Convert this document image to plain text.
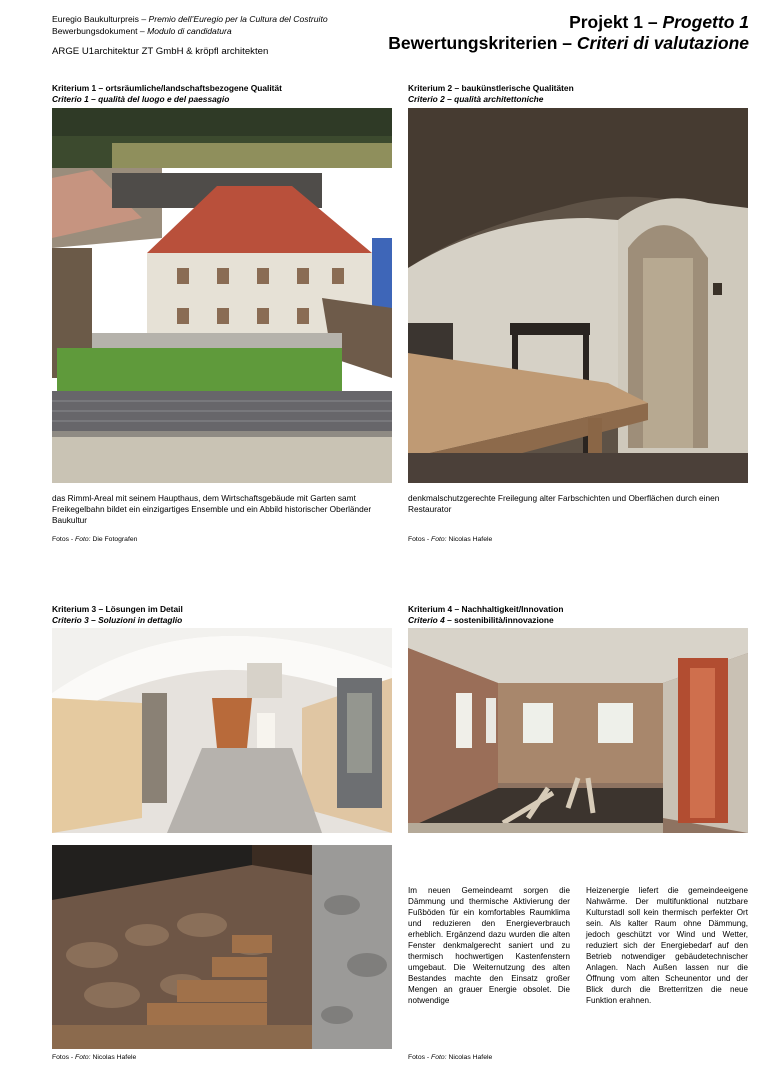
Euregio Baukulturpreis – Premio dell’Euregio per la Cultura del Costruito
Bewerbungsdokument – Modulo di candidatura
ARGE U1architektur ZT GmbH & kröpfl architekten
Projekt 1 – Progetto 1
Bewertungskriterien – Criteri di valutazione
Kriterium 1 – ortsräumliche/landschaftsbezogene Qualität
Criterio 1 – qualità del luogo e del paessagio
das Rimml-Areal mit seinem Haupthaus, dem Wirtschaftsgebäude mit Garten samt Freikegelbahn bildet ein einzigartiges Ensemble und ein Abbild historischer Oberländer Baukultur
Fotos - Foto: Die Fotografen
Kriterium 2 – baukünstlerische Qualitäten
Criterio 2 – qualità architettoniche
denkmalschutzgerechte Freilegung alter Farbschichten und Oberflächen durch einen Restaurator
Fotos - Foto: Nicolas Hafele
Kriterium 3 – Lösungen im Detail
Criterio 3 – Soluzioni in dettaglio
Fotos - Foto: Nicolas Hafele
Kriterium 4 – Nachhaltigkeit/Innovation
Criterio 4 – sostenibilità/innovazione
Im neuen Gemeindeamt sorgen die Dämmung und thermische Aktivierung der Fußböden für ein komfortables Raumklima und reduzieren den Energieverbrauch erheblich. Ergänzend dazu wurden die alten Fenster denkmalgerecht saniert und zu thermisch hochwertigen Kastenfenstern umgebaut. Die Weiternutzung des alten Bestandes machte den Einsatz großer Mengen an grauer Energie obsolet. Die notwendige
Heizenergie liefert die gemeindeeigene Nahwärme. Der multifunktional nutzbare Kulturstadl soll kein thermisch perfekter Ort sein. Als kalter Raum ohne Dämmung, jedoch geschützt vor Wind und Wetter, reduziert sich der Energiebedarf auf den Betrieb notwendiger gebäudetechnischer Anlagen. Nach Außen lassen nur die Öffnung vom alten Scheunentor und der Blick durch die Bretterritzen die neue Funktion erahnen.
Fotos - Foto: Nicolas Hafele
